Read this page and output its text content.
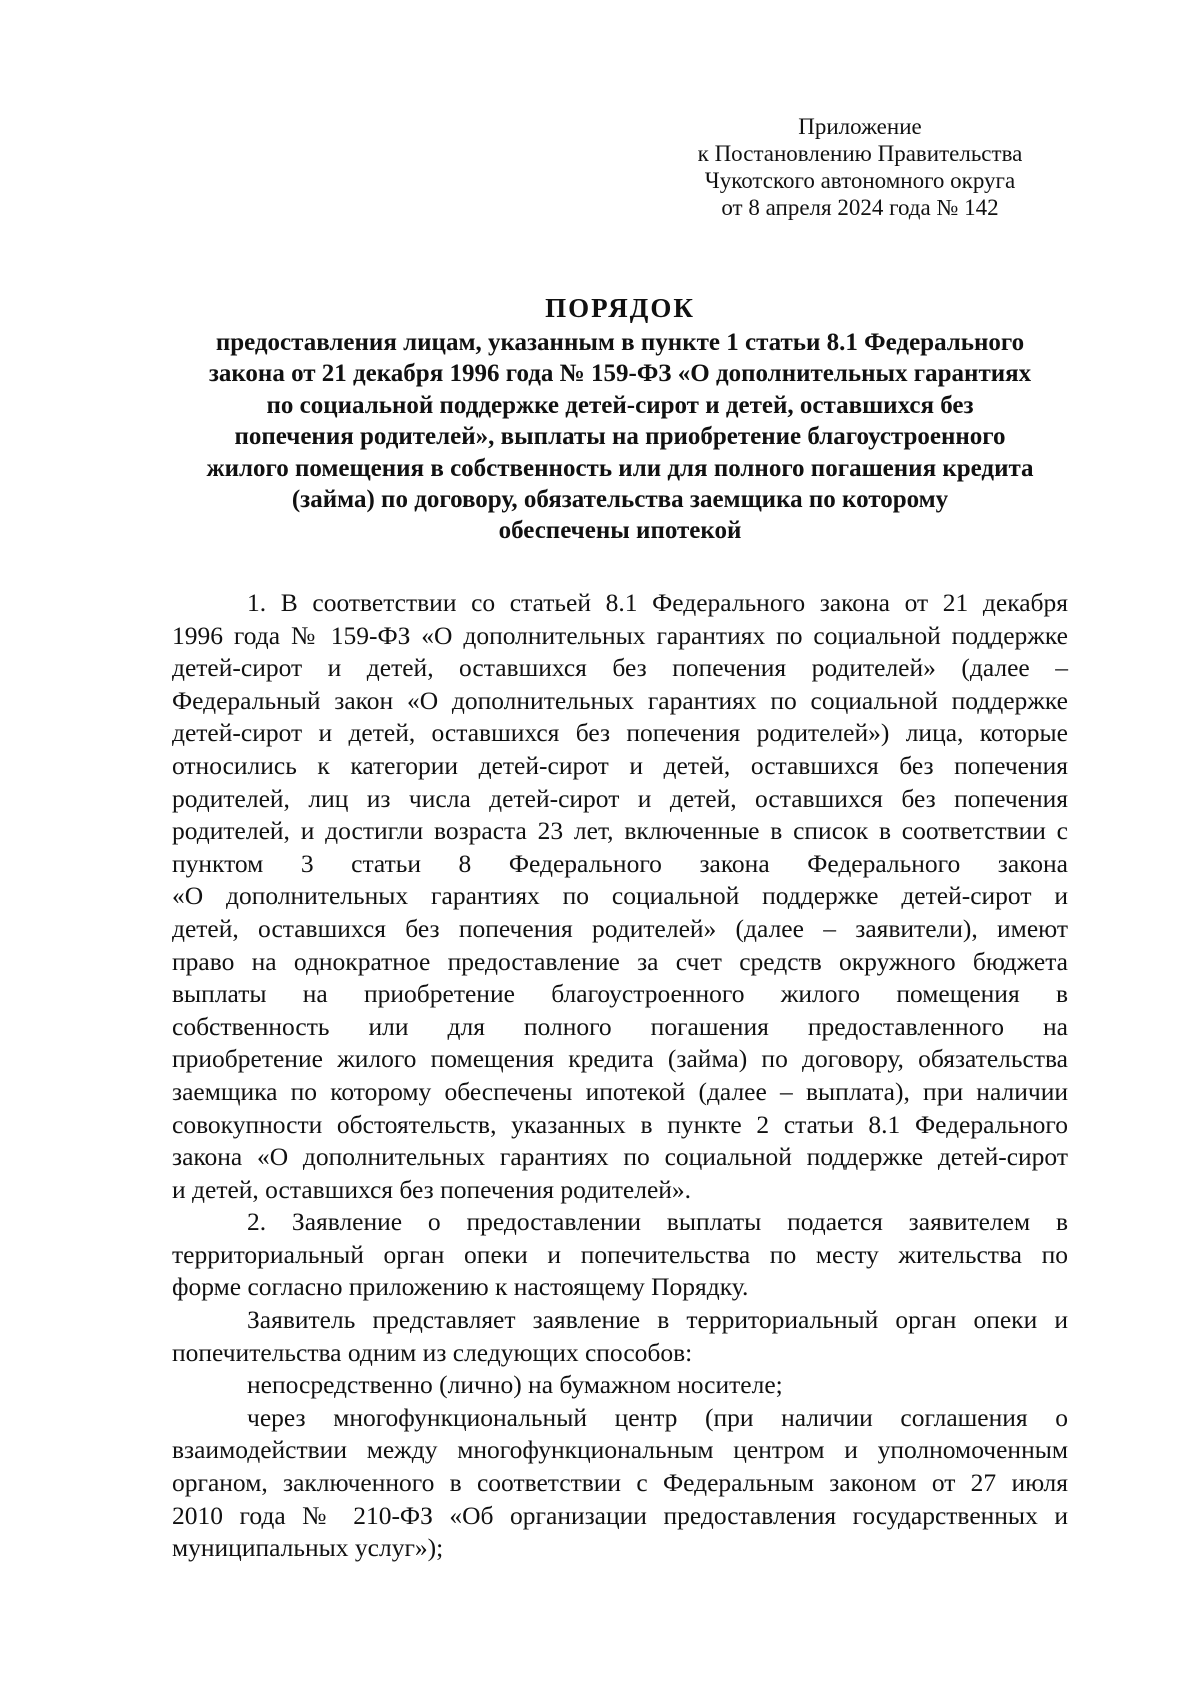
Приложение
к Постановлению Правительства
Чукотского автономного округа
от 8 апреля 2024 года № 142
ПОРЯДОК
предоставления лицам, указанным в пункте 1 статьи 8.1 Федерального
закона от 21 декабря 1996 года № 159-ФЗ «О дополнительных гарантиях
по социальной поддержке детей-сирот и детей, оставшихся без
попечения родителей», выплаты на приобретение благоустроенного
жилого помещения в собственность или для полного погашения кредита
(займа) по договору, обязательства заемщика по которому
обеспечены ипотекой
1. В соответствии со статьей 8.1 Федерального закона от 21 декабря
1996 года № 159-ФЗ «О дополнительных гарантиях по социальной поддержке
детей-сирот и детей, оставшихся без попечения родителей» (далее –
Федеральный закон «О дополнительных гарантиях по социальной поддержке
детей-сирот и детей, оставшихся без попечения родителей») лица, которые
относились к категории детей-сирот и детей, оставшихся без попечения
родителей, лиц из числа детей-сирот и детей, оставшихся без попечения
родителей, и достигли возраста 23 лет, включенные в список в соответствии с
пунктом 3 статьи 8 Федерального закона Федерального закона
«О дополнительных гарантиях по социальной поддержке детей-сирот и
детей, оставшихся без попечения родителей» (далее – заявители), имеют
право на однократное предоставление за счет средств окружного бюджета
выплаты на приобретение благоустроенного жилого помещения в
собственность или для полного погашения предоставленного на
приобретение жилого помещения кредита (займа) по договору, обязательства
заемщика по которому обеспечены ипотекой (далее – выплата), при наличии
совокупности обстоятельств, указанных в пункте 2 статьи 8.1 Федерального
закона «О дополнительных гарантиях по социальной поддержке детей-сирот
и детей, оставшихся без попечения родителей».
2. Заявление о предоставлении выплаты подается заявителем в
территориальный орган опеки и попечительства по месту жительства по
форме согласно приложению к настоящему Порядку.
Заявитель представляет заявление в территориальный орган опеки и
попечительства одним из следующих способов:
непосредственно (лично) на бумажном носителе;
через многофункциональный центр (при наличии соглашения о
взаимодействии между многофункциональным центром и уполномоченным
органом, заключенного в соответствии с Федеральным законом от 27 июля
2010 года № 210-ФЗ «Об организации предоставления государственных и
муниципальных услуг»);
